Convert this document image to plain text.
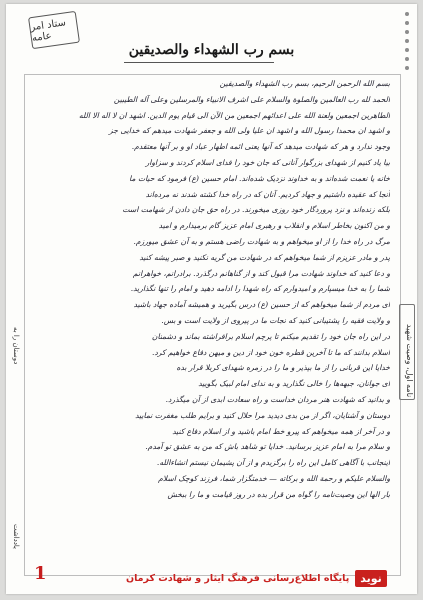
ستاد امر عامه
بسم رب الشهداء والصدیقین
نامه اول، وصیت شهید
دوستان را به
یادداشت

بسم الله الرحمن الرحیم، بسم رب الشهداء والصدیقین

الحمد لله رب العالمین والصلوة والسلام علی اشرف الانبیاء والمرسلین وعلی آله الطیبین

الطاهرین اجمعین ولعنة الله علی اعدائهم اجمعین من الآن الی قیام یوم الدین. اشهد ان لا اله الا الله

و اشهد ان محمدا رسول الله و اشهد ان علیا ولی الله و جعفر شهادت میدهم که خدایی جز

وجود ندارد و هر که شهادت میدهد که آنها یعنی ائمه اطهار عباد او و بر آنها معتقدم.

بیا یاد کنیم از شهدای بزرگوار آنانی که جان خود را فدای اسلام کردند و سزاوار

خانه یا نعمت شده‌اند و به خداوند نزدیک شده‌اند. امام حسین (ع) فرمود که حیات ما

آنجا که عقیده داشتیم و جهاد کردیم. آنان که در راه خدا کشته شدند نه مرده‌اند

بلکه زنده‌اند و نزد پروردگار خود روزی میخورند. در راه حق جان دادن از شهامت است

و من اکنون بخاطر اسلام و انقلاب و رهبری امام عزیز گام برمیدارم و امید

مرگ در راه خدا را از او میخواهم و به شهادت راضی هستم و به آن عشق میورزم.

پدر و مادر عزیزم از شما میخواهم که در شهادت من گریه نکنید و صبر پیشه کنید

و دعا کنید که خداوند شهادت مرا قبول کند و از گناهانم درگذرد. برادرانم، خواهرانم

شما را به خدا میسپارم و امیدوارم که راه شهدا را ادامه دهید و امام را تنها نگذارید.

ای مردم از شما میخواهم که از حسین (ع) درس بگیرید و همیشه آماده جهاد باشید

و ولایت فقیه را پشتیبانی کنید که نجات ما در پیروی از ولایت است و بس.

در این راه جان خود را تقدیم میکنم تا پرچم اسلام برافراشته بماند و دشمنان

اسلام بدانند که ما تا آخرین قطره خون خود از دین و میهن دفاع خواهیم کرد.

خدایا این قربانی را از ما بپذیر و ما را در زمره شهدای کربلا قرار بده

ای جوانان، جبهه‌ها را خالی نگذارید و به ندای امام لبیک بگویید

و بدانید که شهادت هنر مردان خداست و راه سعادت ابدی از آن میگذرد.

دوستان و آشنایان، اگر از من بدی دیدید مرا حلال کنید و برایم طلب مغفرت نمایید

و در آخر از همه میخواهم که پیرو خط امام باشید و از اسلام دفاع کنید

و سلام مرا به امام عزیز برسانید. خدایا تو شاهد باش که من به عشق تو آمدم.

اینجانب با آگاهی کامل این راه را برگزیدم و از آن پشیمان نیستم انشاءالله.

والسلام علیکم و رحمة الله و برکاته — خدمتگزار شما، فرزند کوچک اسلام

بار الها این وصیت‌نامه را گواه من قرار بده در روز قیامت و ما را ببخش

1	نوید
پایگاه اطلاع‌رسانی فرهنگ ایثار و شهادت کرمان
